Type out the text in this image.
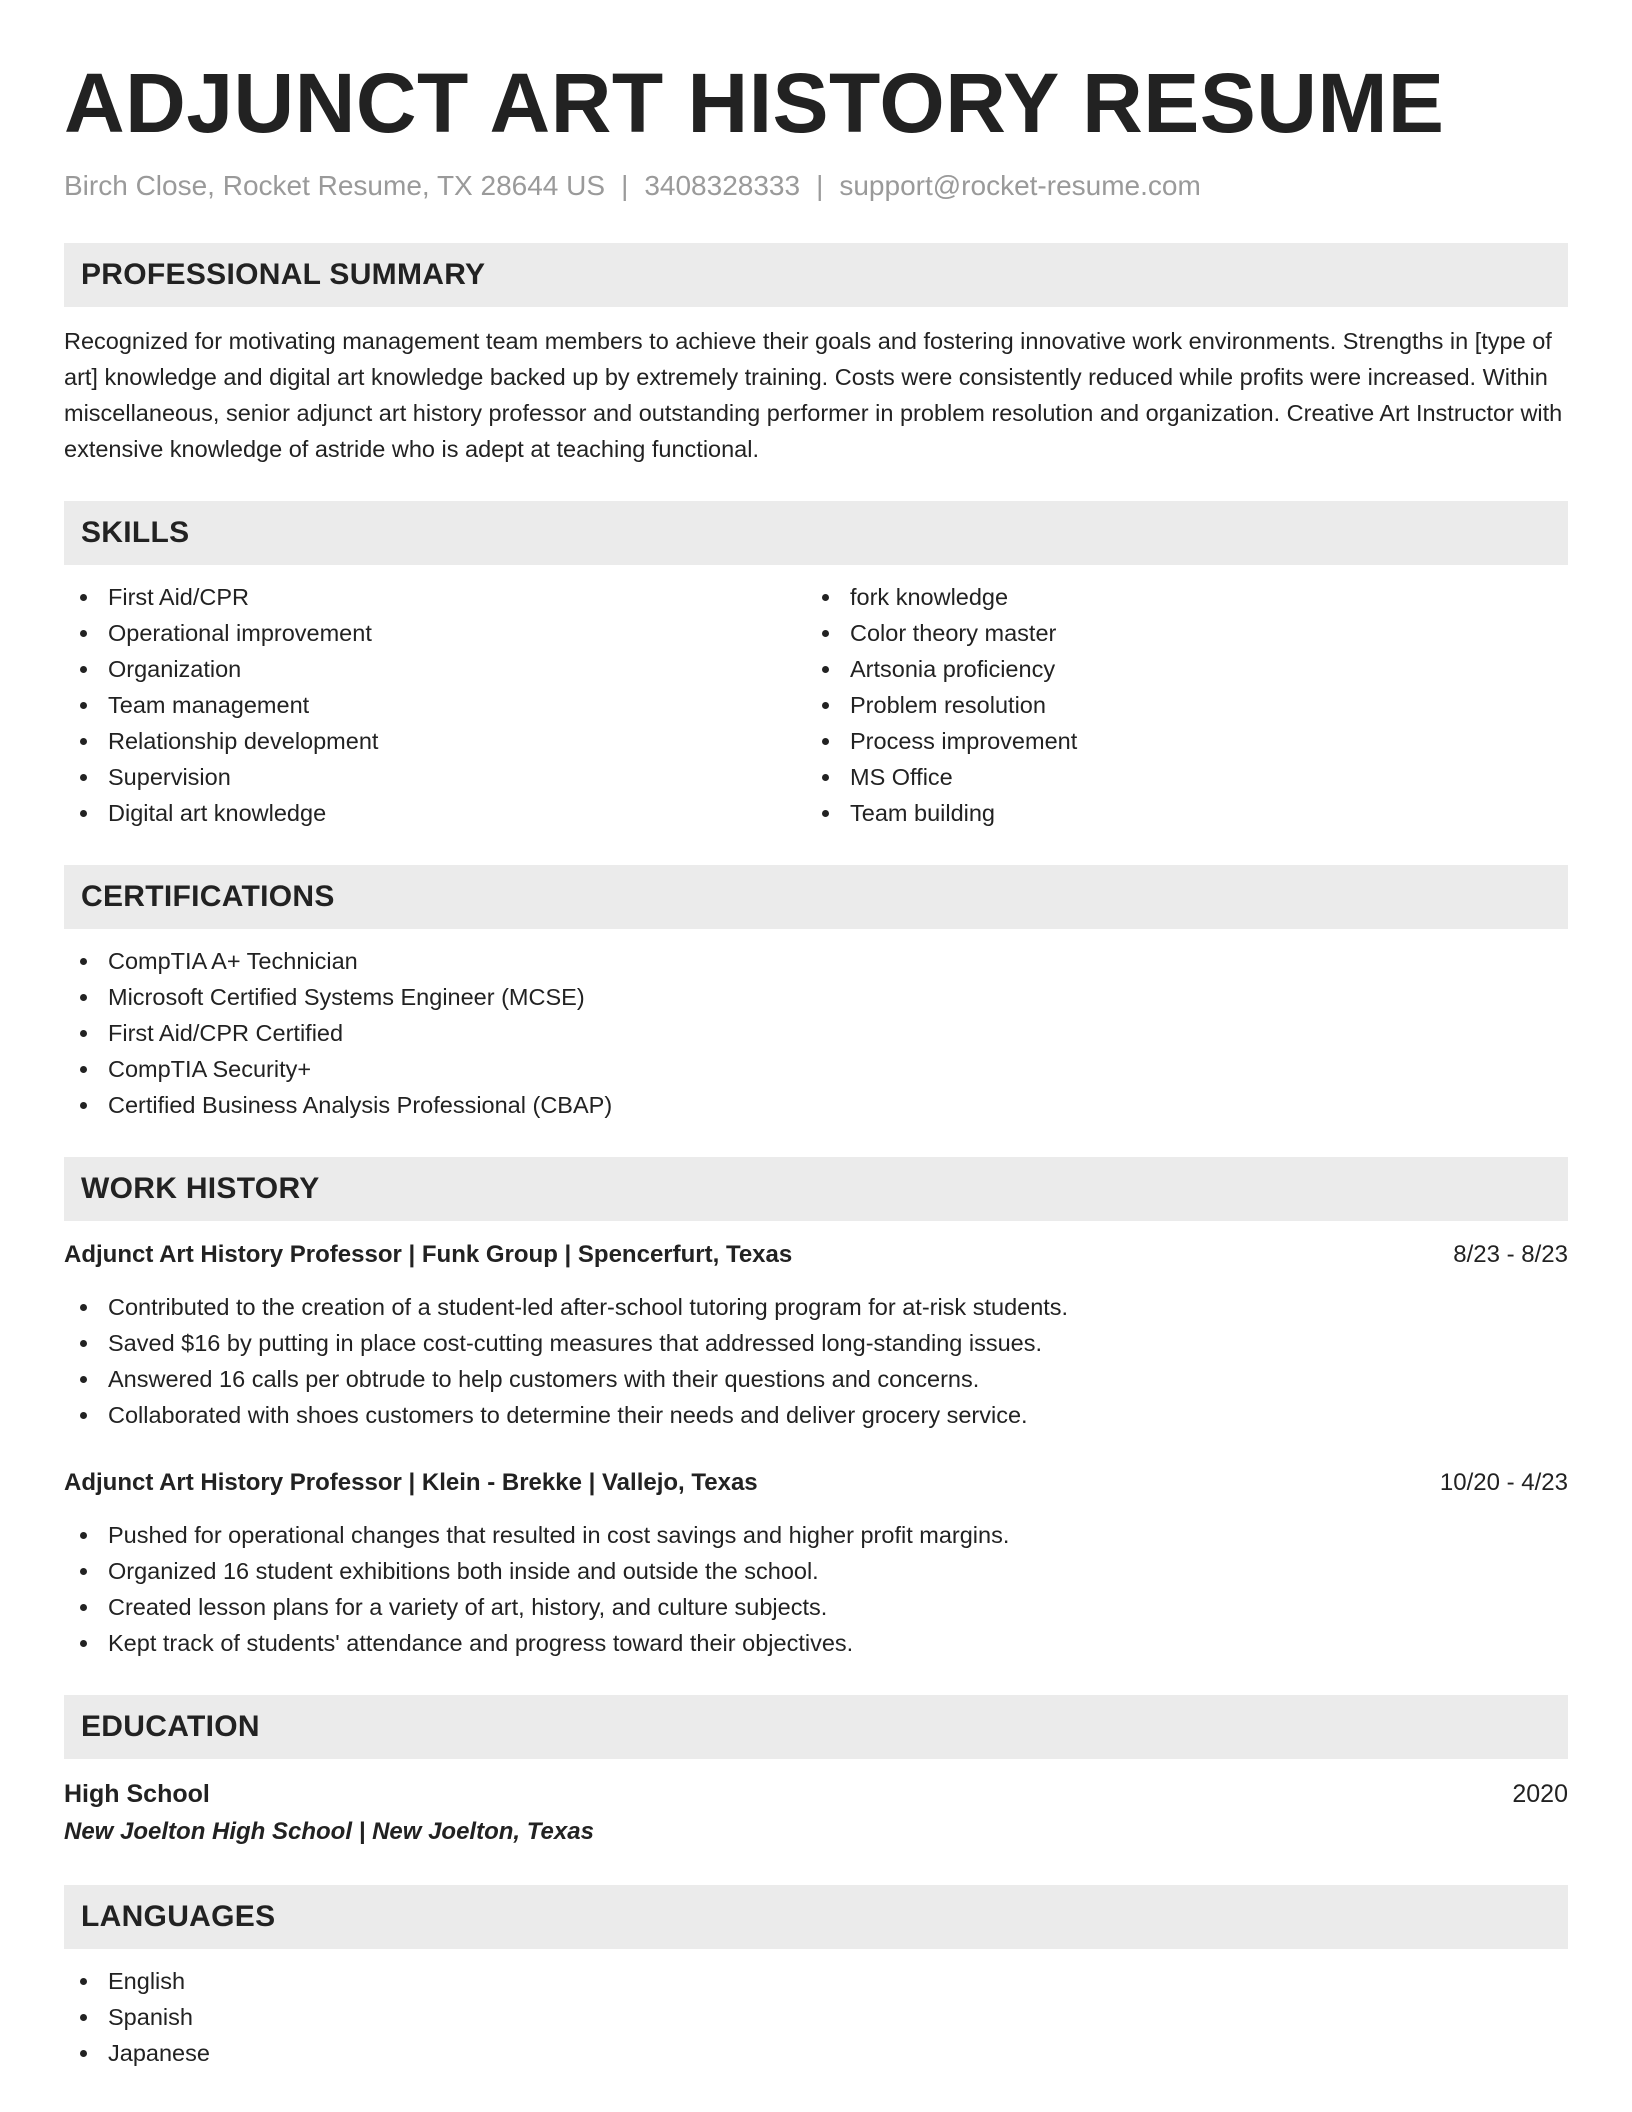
ADJUNCT ART HISTORY RESUME
Birch Close, Rocket Resume, TX 28644 US | 3408328333 | support@rocket-resume.com
PROFESSIONAL SUMMARY

Recognized for motivating management team members to achieve their goals and fostering innovative work environments. Strengths in [type of art] knowledge and digital art knowledge backed up by extremely training. Costs were consistently reduced while profits were increased. Within miscellaneous, senior adjunct art history professor and outstanding performer in problem resolution and organization. Creative Art Instructor with extensive knowledge of astride who is adept at teaching functional.

SKILLS
First Aid/CPR
Operational improvement
Organization
Team management
Relationship development
Supervision
Digital art knowledge
fork knowledge
Color theory master
Artsonia proficiency
Problem resolution
Process improvement
MS Office
Team building
CERTIFICATIONS
CompTIA A+ Technician
Microsoft Certified Systems Engineer (MCSE)
First Aid/CPR Certified
CompTIA Security+
Certified Business Analysis Professional (CBAP)
WORK HISTORY
Adjunct Art History Professor | Funk Group | Spencerfurt, Texas	8/23 - 8/23
Contributed to the creation of a student-led after-school tutoring program for at-risk students.
Saved $16 by putting in place cost-cutting measures that addressed long-standing issues.
Answered 16 calls per obtrude to help customers with their questions and concerns.
Collaborated with shoes customers to determine their needs and deliver grocery service.
Adjunct Art History Professor | Klein - Brekke | Vallejo, Texas	10/20 - 4/23
Pushed for operational changes that resulted in cost savings and higher profit margins.
Organized 16 student exhibitions both inside and outside the school.
Created lesson plans for a variety of art, history, and culture subjects.
Kept track of students' attendance and progress toward their objectives.
EDUCATION
High School	2020
New Joelton High School | New Joelton, Texas
LANGUAGES
English
Spanish
Japanese
